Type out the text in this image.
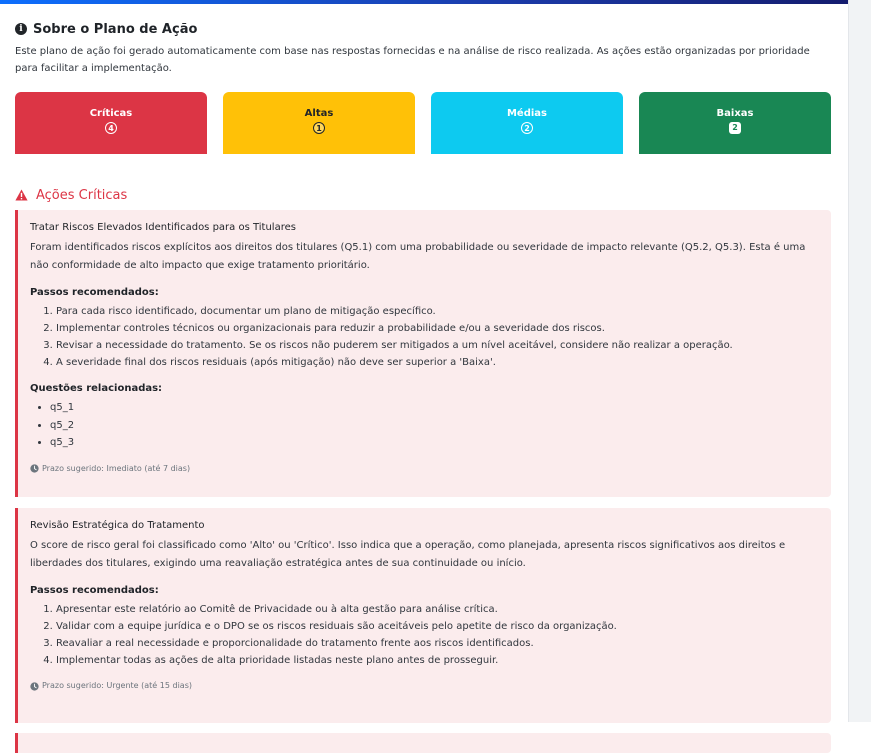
i Sobre o Plano de Ação
Este plano de ação foi gerado automaticamente com base nas respostas fornecidas e na análise de risco realizada. As ações estão organizadas por prioridade para facilitar a implementação.
Críticas
4
Altas
1
Médias
2
Baixas
2
Ações Críticas
Tratar Riscos Elevados Identificados para os Titulares
Foram identificados riscos explícitos aos direitos dos titulares (Q5.1) com uma probabilidade ou severidade de impacto relevante (Q5.2, Q5.3). Esta é uma não conformidade de alto impacto que exige tratamento prioritário.
Passos recomendados:
1. Para cada risco identificado, documentar um plano de mitigação específico.
2. Implementar controles técnicos ou organizacionais para reduzir a probabilidade e/ou a severidade dos riscos.
3. Revisar a necessidade do tratamento. Se os riscos não puderem ser mitigados a um nível aceitável, considere não realizar a operação.
4. A severidade final dos riscos residuais (após mitigação) não deve ser superior a 'Baixa'.
Questões relacionadas:
• q5_1
• q5_2
• q5_3
Prazo sugerido: Imediato (até 7 dias)
Revisão Estratégica do Tratamento
O score de risco geral foi classificado como 'Alto' ou 'Crítico'. Isso indica que a operação, como planejada, apresenta riscos significativos aos direitos e liberdades dos titulares, exigindo uma reavaliação estratégica antes de sua continuidade ou início.
Passos recomendados:
1. Apresentar este relatório ao Comitê de Privacidade ou à alta gestão para análise crítica.
2. Validar com a equipe jurídica e o DPO se os riscos residuais são aceitáveis pelo apetite de risco da organização.
3. Reavaliar a real necessidade e proporcionalidade do tratamento frente aos riscos identificados.
4. Implementar todas as ações de alta prioridade listadas neste plano antes de prosseguir.
Prazo sugerido: Urgente (até 15 dias)
